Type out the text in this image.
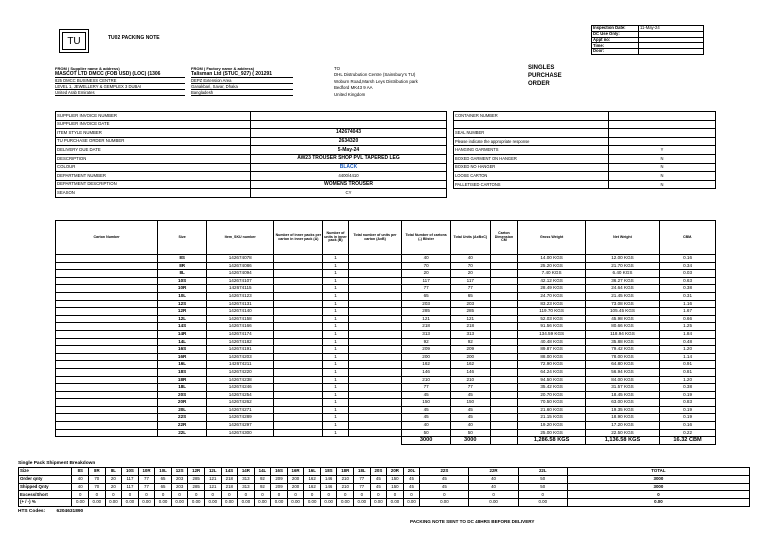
TU	TU02 PACKING NOTE
Inspection Date:	11-May-24
DC Use Only:	
Appt no:	
Time:	
Door:	
FROM ( Supplier name & address)
MASCOT LTD DMCC (FOB USD) (LOC) (1306
825 DMCC BUSINESS CENTRE
LEVEL 1, JEWELLERY & GEMPLEX 3 DUBAI
United Arab Emirates
FROM ( Factory name & address)
Talisman Ltd (STUC_927) ( 201291
DEPZ Extension Area
Ganakbari, Savar, Dhaka
Bangladesh
TO
DHL Distrubution Centre (Sainsbury's TU)
Woburn Road,Marsh Leys Distribution park
Bedford MK43 9 AA
United Kingdom
SINGLES
PURCHASE
ORDER
SUPPLIER INVOICE NUMBER	
SUPPLIER INVOICE DATE	
ITEM STYLE NUMBER	142674043
TU PURCHASE ORDER NUMBER	2634320
DELIVERY DUE DATE	5-May-24
DESCRIPTION	AW23 TROUSER SHOP PVL TAPERED LEG
COLOUR	BLACK
DEPARTMENT NUMBER	4400/4410
DEPARTMENT DESCRIPTION	WOMENS TROUSER
SEASON	CY
CONTAINER NUMBER	

SEAL NUMBER	
Please indicate the appropriate response	
HANGING GARMENTS	Y
BOXED GARMENT ON HANGER	N
BOXED NO HANGER	N
LOOSE CARTON	N
PALLETISED CARTONS	N
Carton Number	Size	Item_SKU number	Number of inner packs per carton in inner pack (A)	Number of units in inner pack (B)	Total number of units per carton (AxB)	Total Number of cartons (-) Blister	Total Units (AxBxC)	Carton Dimension CM	Gross Weight	Net Weight	CBM.
	8S	142674078		1		40	40		14.00 KGS	12.00 KGS	0.16
	8R	142674086		1		70	70		25.20 KGS	21.70 KGS	0.34
	8L	142674094		1		20	20		7.40 KGS	6.40 KGS	0.03
	10S	142674107		1		117	117		42.12 KGS	36.27 KGS	0.63
	10R	142674115		1		77	77		28.49 KGS	24.64 KGS	0.38
	10L	142674123		1		65	65		24.70 KGS	21.45 KGS	0.31
	12S	142674131		1		203	203		83.23 KGS	73.08 KGS	1.16
	12R	142674140		1		285	285		119.70 KGS	105.45 KGS	1.67
	12L	142674158		1		121	121		52.03 KGS	45.98 KGS	0.66
	14S	142674166		1		218	218		91.56 KGS	80.66 KGS	1.25
	14R	142674174		1		313	313		134.59 KGS	118.94 KGS	1.84
	14L	142674182		1		92	92		40.48 KGS	35.88 KGS	0.48
	16S	142674191		1		209	209		89.87 KGS	79.42 KGS	1.20
	16R	142674203		1		200	200		88.00 KGS	78.00 KGS	1.14
	16L	142674211		1		162	162		72.90 KGS	64.80 KGS	0.91
	18S	142674220		1		146	146		64.24 KGS	56.94 KGS	0.81
	18R	142674238		1		210	210		94.50 KGS	84.00 KGS	1.20
	18L	142674246		1		77	77		35.42 KGS	31.57 KGS	0.38
	20S	142674254		1		45	45		20.70 KGS	18.45 KGS	0.19
	20R	142674262		1		150	150		70.50 KGS	63.00 KGS	0.83
	20L	142674271		1		45	45		21.60 KGS	19.35 KGS	0.19
	22S	142674289		1		45	45		21.15 KGS	18.90 KGS	0.19
	22R	142674297		1		40	40		19.20 KGS	17.20 KGS	0.16
	22L	142674300		1		50	50		25.00 KGS	22.50 KGS	0.22
						3000	3000		1,286.58 KGS	1,136.58 KGS	16.32 CBM
Single Pack Shipment Breakdown
Size	8S	8R	8L	10S	10R	10L	12S	12R	12L	14S	14R	14L	16S	16R	16L	18S	18R	18L	20S	20R	20L	22S	22R	22L	TOTAL
Order qnty	40	70	20	117	77	65	203	285	121	218	313	92	209	200	162	146	210	77	45	150	45	45	40	50	3000
Shipped Qnty	40	70	20	117	77	65	203	285	121	218	313	92	209	200	162	146	210	77	45	150	45	45	40	50	3000
Excess/Short	0	0	0	0	0	0	0	0	0	0	0	0	0	0	0	0	0	0	0	0	0	0	0	0	0
(+ / -) %	0.00	0.00	0.00	0.00	0.00	0.00	0.00	0.00	0.00	0.00	0.00	0.00	0.00	0.00	0.00	0.00	0.00	0.00	0.00	0.00	0.00	0.00	0.00	0.00	0.00
HTS Codes: 6204631890
PACKING NOTE SENT TO DC 48HRS BEFORE DELIVERY
